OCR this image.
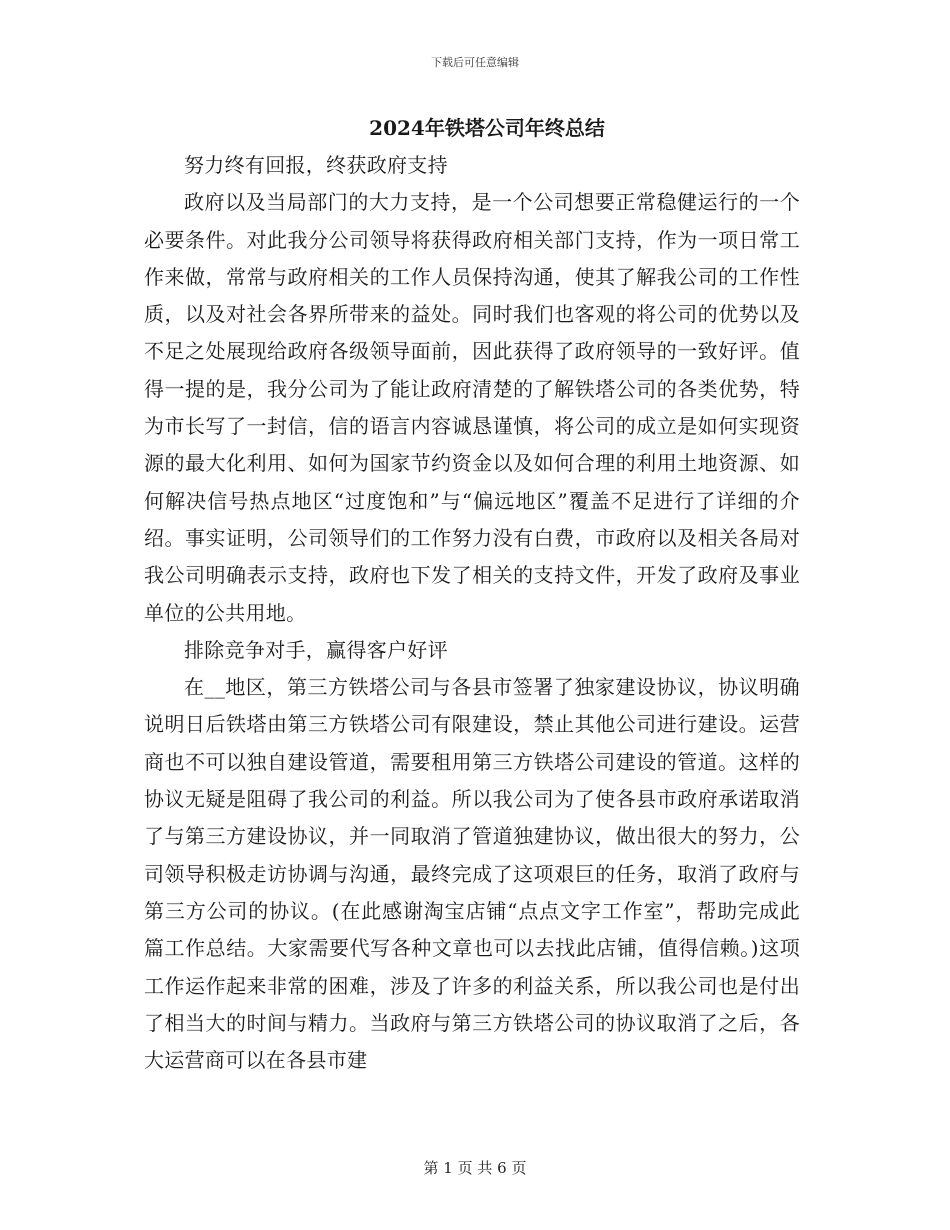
下载后可任意编辑
2024年铁塔公司年终总结

努力终有回报，终获政府支持

政府以及当局部门的大力支持，是一个公司想要正常稳健运行的一个必要条件。对此我分公司领导将获得政府相关部门支持，作为一项日常工作来做，常常与政府相关的工作人员保持沟通，使其了解我公司的工作性质，以及对社会各界所带来的益处。同时我们也客观的将公司的优势以及不足之处展现给政府各级领导面前，因此获得了政府领导的一致好评。值得一提的是，我分公司为了能让政府清楚的了解铁塔公司的各类优势，特为市长写了一封信，信的语言内容诚恳谨慎，将公司的成立是如何实现资源的最大化利用、如何为国家节约资金以及如何合理的利用土地资源、如何解决信号热点地区“过度饱和”与“偏远地区”覆盖不足进行了详细的介绍。事实证明，公司领导们的工作努力没有白费，市政府以及相关各局对我公司明确表示支持，政府也下发了相关的支持文件，开发了政府及事业单位的公共用地。

排除竞争对手，赢得客户好评

在__地区，第三方铁塔公司与各县市签署了独家建设协议，协议明确说明日后铁塔由第三方铁塔公司有限建设，禁止其他公司进行建设。运营商也不可以独自建设管道，需要租用第三方铁塔公司建设的管道。这样的协议无疑是阻碍了我公司的利益。所以我公司为了使各县市政府承诺取消了与第三方建设协议，并一同取消了管道独建协议，做出很大的努力，公司领导积极走访协调与沟通，最终完成了这项艰巨的任务，取消了政府与第三方公司的协议。(在此感谢淘宝店铺“点点文字工作室”，帮助完成此篇工作总结。大家需要代写各种文章也可以去找此店铺，值得信赖。)这项工作运作起来非常的困难，涉及了许多的利益关系，所以我公司也是付出了相当大的时间与精力。当政府与第三方铁塔公司的协议取消了之后，各大运营商可以在各县市建

第 1 页 共 6 页
